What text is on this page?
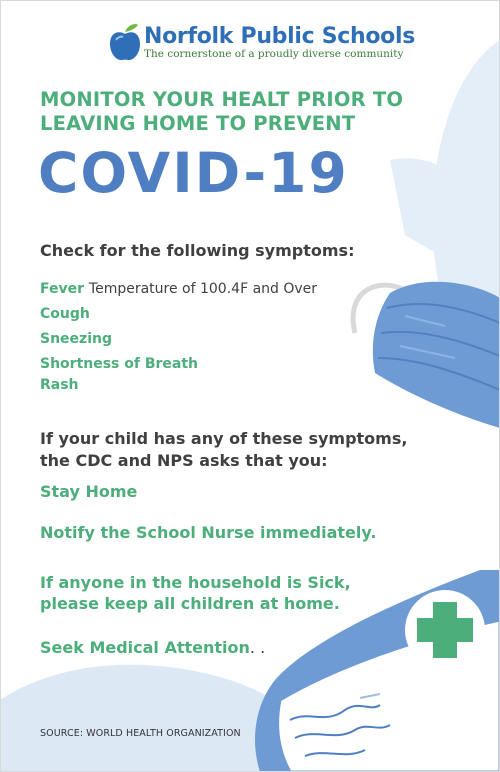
Norfolk Public Schools
The cornerstone of a proudly diverse community
MONITOR YOUR HEALT PRIOR TO
LEAVING HOME TO PREVENT
COVID-19
Check for the following symptoms:
Fever Temperature of 100.4F and Over
Cough
Sneezing
Shortness of Breath
Rash
If your child has any of these symptoms,
the CDC and NPS asks that you:
Stay Home
Notify the School Nurse immediately.
If anyone in the household is Sick,
please keep all children at home.
Seek Medical Attention. .
SOURCE: WORLD HEALTH ORGANIZATION
